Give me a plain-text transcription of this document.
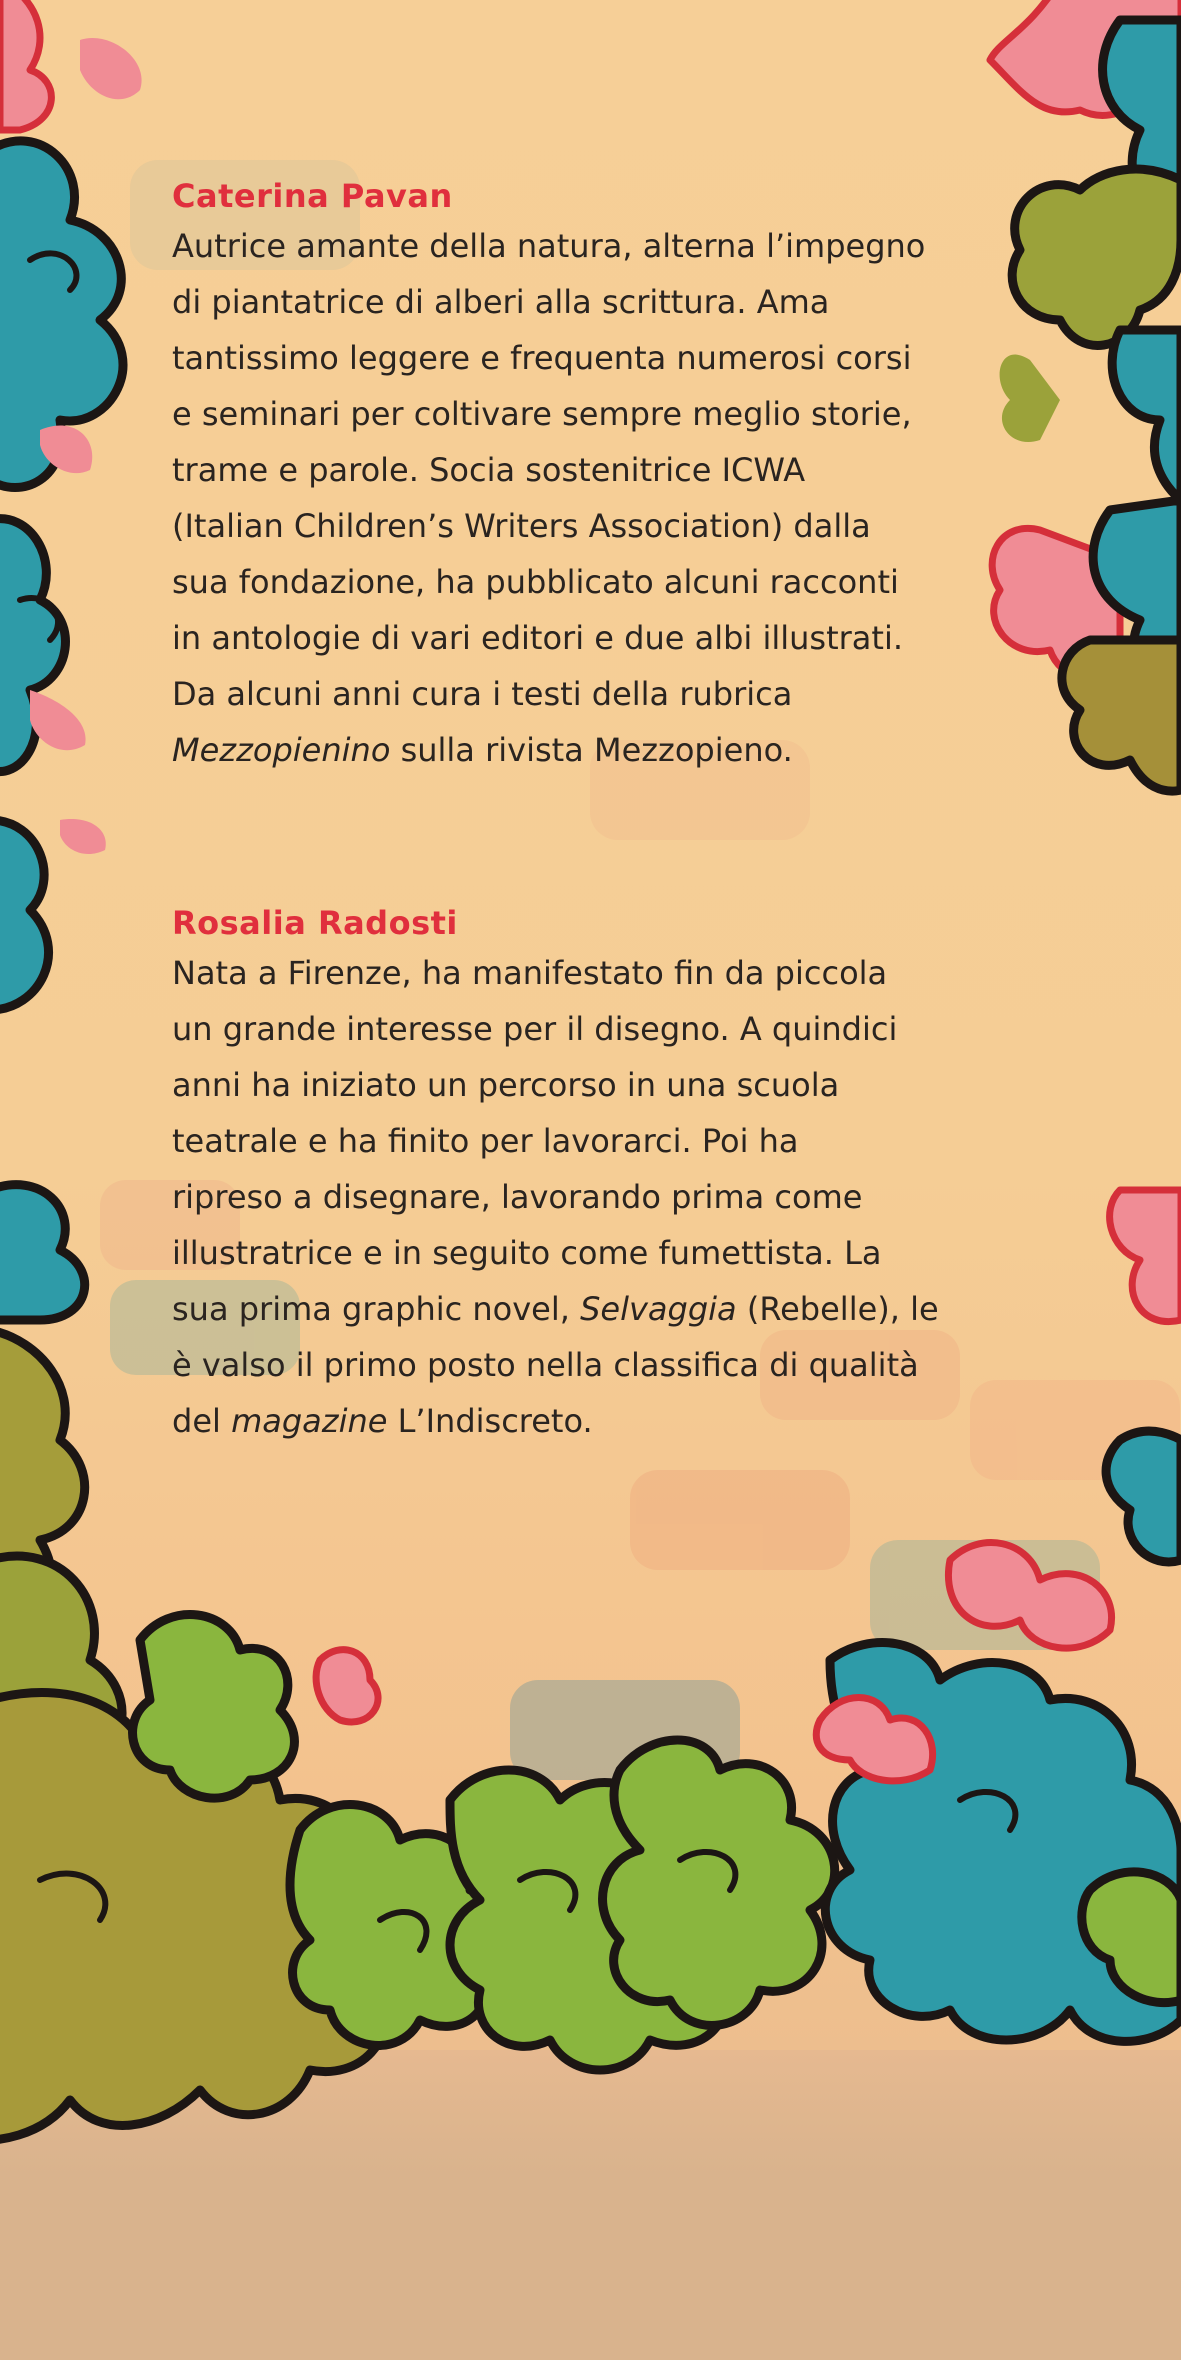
Caterina Pavan

Autrice amante della natura, alterna l’impegno

di piantatrice di alberi alla scrittura. Ama

tantissimo leggere e frequenta numerosi corsi

e seminari per coltivare sempre meglio storie,

trame e parole. Socia sostenitrice ICWA

(Italian Children’s Writers Association) dalla

sua fondazione, ha pubblicato alcuni racconti

in antologie di vari editori e due albi illustrati.

Da alcuni anni cura i testi della rubrica

Mezzopienino sulla rivista Mezzopieno.

Rosalia Radosti

Nata a Firenze, ha manifestato fin da piccola

un grande interesse per il disegno. A quindici

anni ha iniziato un percorso in una scuola

teatrale e ha finito per lavorarci. Poi ha

ripreso a disegnare, lavorando prima come

illustratrice e in seguito come fumettista. La

sua prima graphic novel, Selvaggia (Rebelle), le

è valso il primo posto nella classifica di qualità

del magazine L’Indiscreto.
